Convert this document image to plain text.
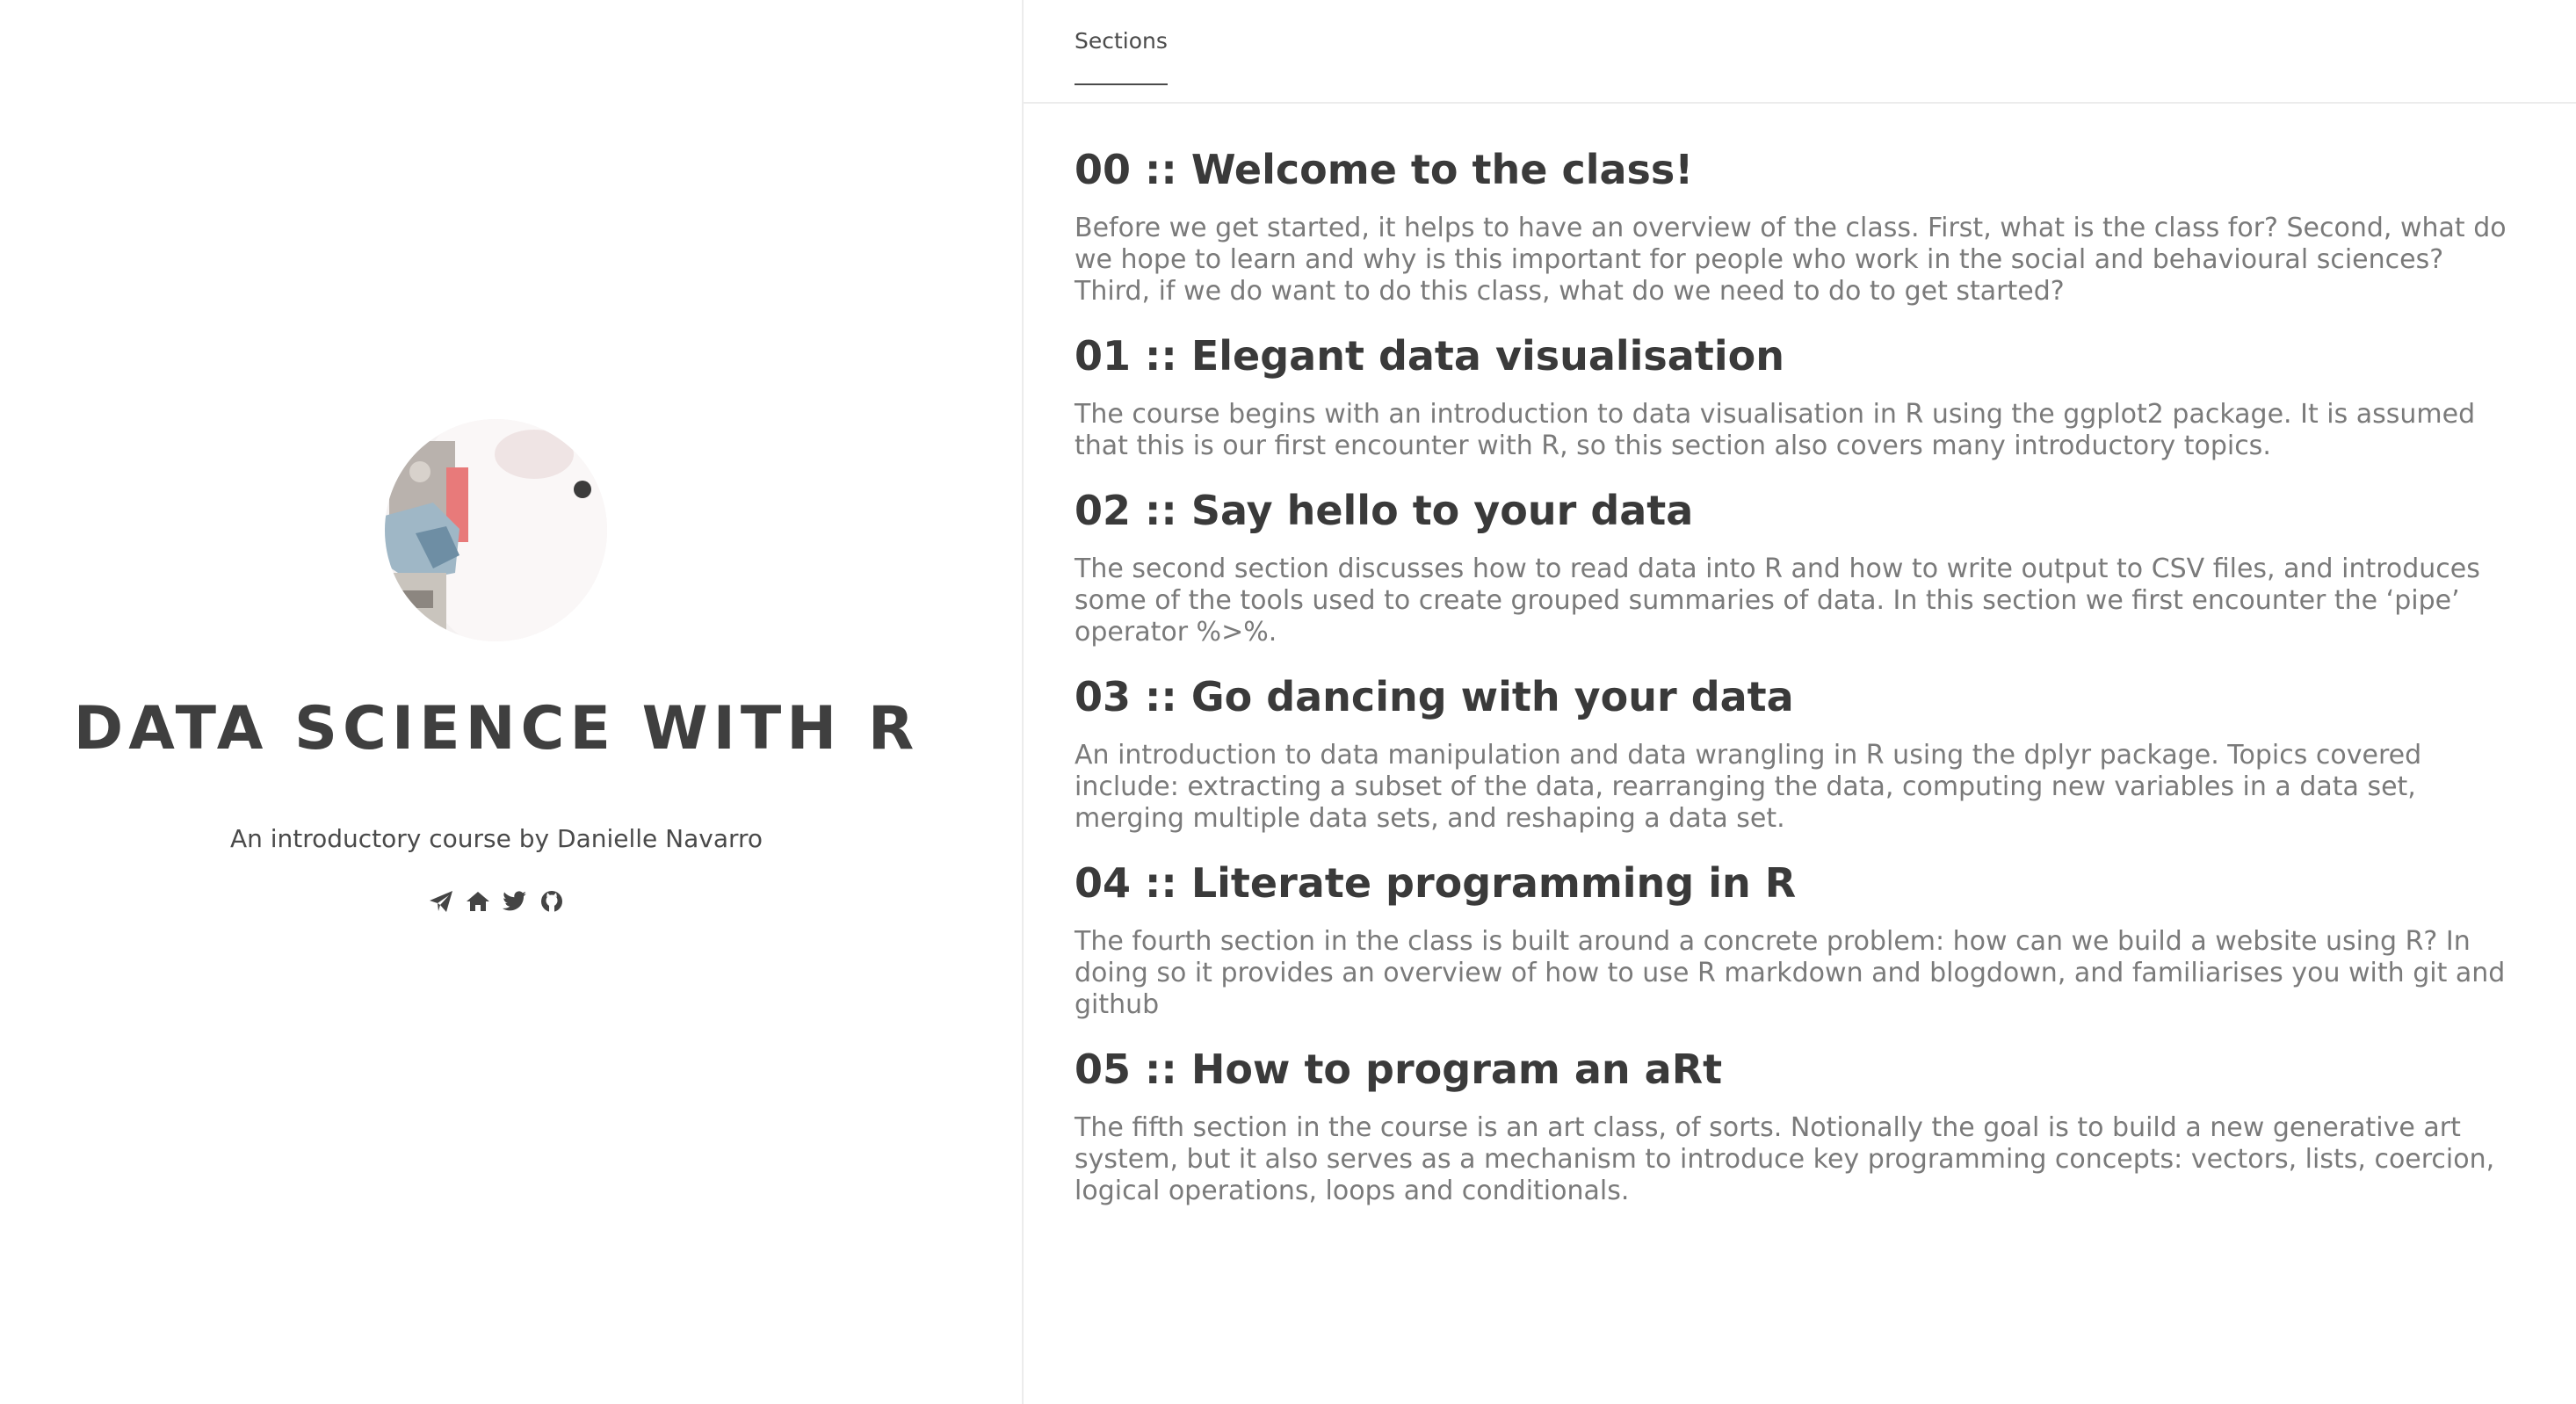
DATA SCIENCE WITH R
An introductory course by Danielle Navarro
Sections
00 :: Welcome to the class!

Before we get started, it helps to have an overview of the class. First, what is the class for? Second, what do we hope to learn and why is this important for people who work in the social and behavioural sciences? Third, if we do want to do this class, what do we need to do to get started?

01 :: Elegant data visualisation

The course begins with an introduction to data visualisation in R using the ggplot2 package. It is assumed that this is our first encounter with R, so this section also covers many introductory topics.

02 :: Say hello to your data

The second section discusses how to read data into R and how to write output to CSV files, and introduces some of the tools used to create grouped summaries of data. In this section we first encounter the ‘pipe’ operator %>%.

03 :: Go dancing with your data

An introduction to data manipulation and data wrangling in R using the dplyr package. Topics covered include: extracting a subset of the data, rearranging the data, computing new variables in a data set, merging multiple data sets, and reshaping a data set.

04 :: Literate programming in R

The fourth section in the class is built around a concrete problem: how can we build a website using R? In doing so it provides an overview of how to use R markdown and blogdown, and familiarises you with git and github

05 :: How to program an aRt

The fifth section in the course is an art class, of sorts. Notionally the goal is to build a new generative art system, but it also serves as a mechanism to introduce key programming concepts: vectors, lists, coercion, logical operations, loops and conditionals.
